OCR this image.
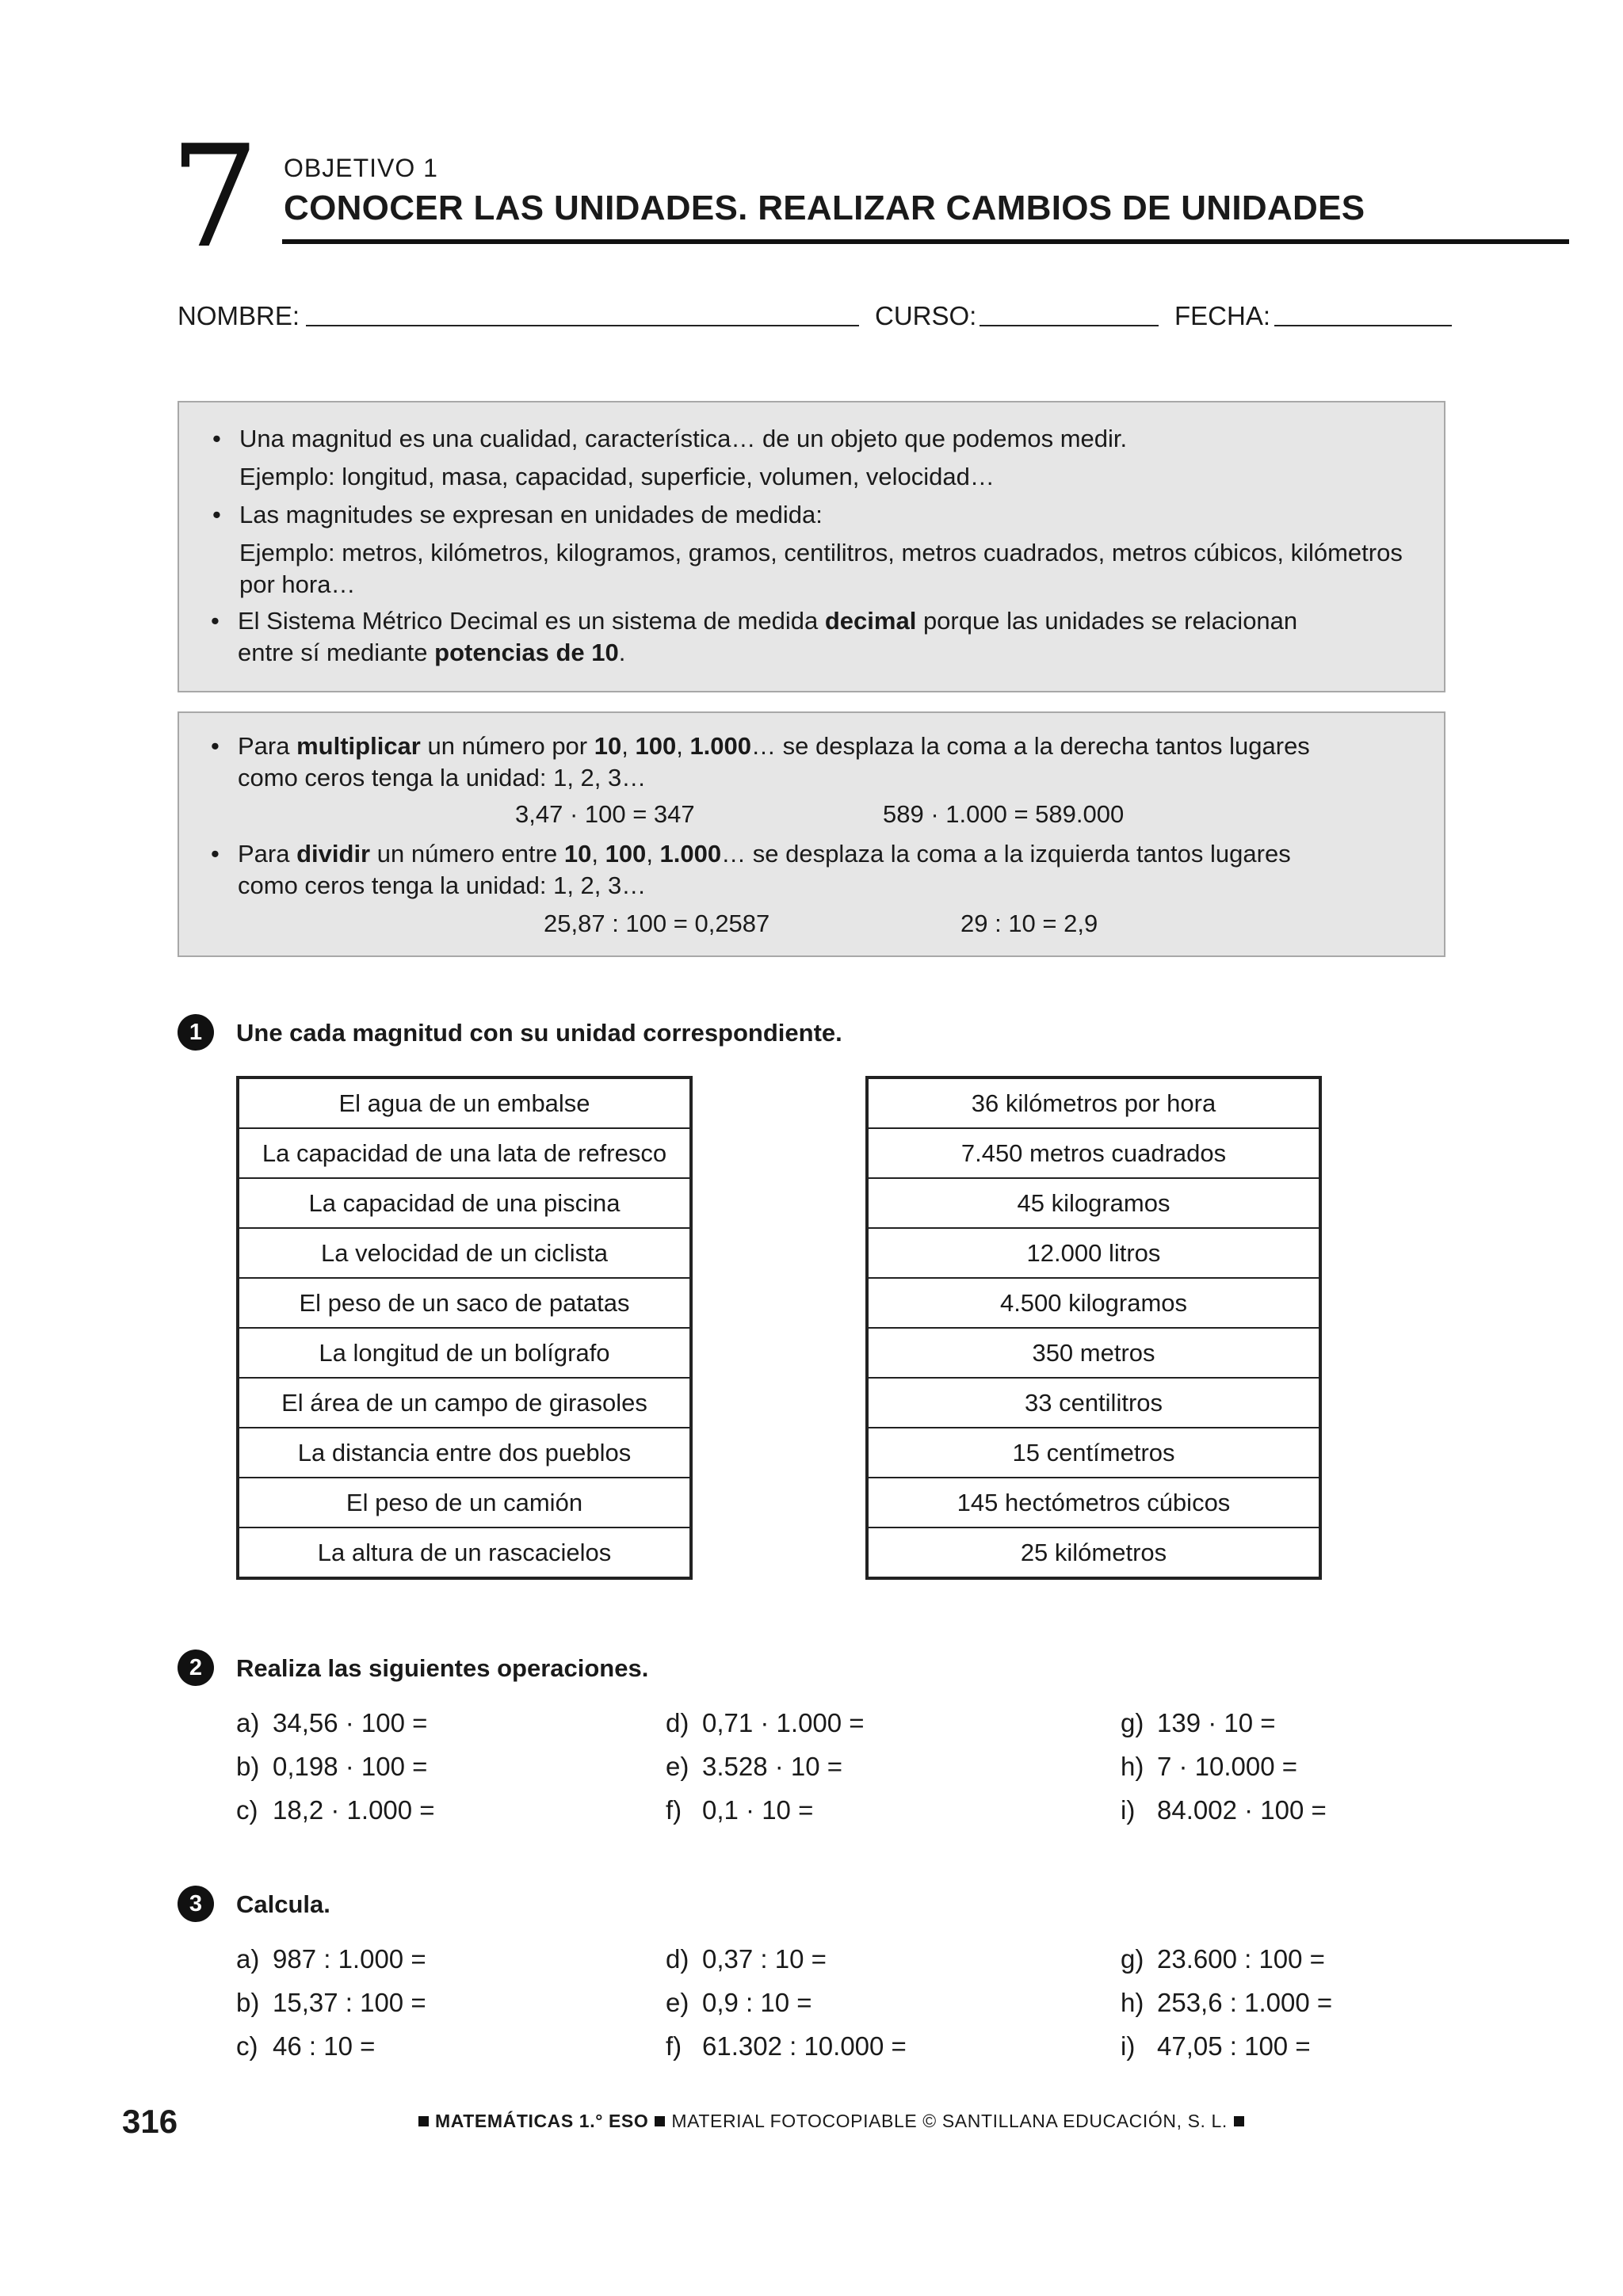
7 OBJETIVO 1
CONOCER LAS UNIDADES. REALIZAR CAMBIOS DE UNIDADES
NOMBRE:	CURSO:	FECHA:

• Una magnitud es una cualidad, característica… de un objeto que podemos medir.

Ejemplo: longitud, masa, capacidad, superficie, volumen, velocidad…

• Las magnitudes se expresan en unidades de medida:

Ejemplo: metros, kilómetros, kilogramos, gramos, centilitros, metros cuadrados, metros cúbicos, kilómetros

por hora…

• El Sistema Métrico Decimal es un sistema de medida decimal porque las unidades se relacionan

entre sí mediante potencias de 10.

• Para multiplicar un número por 10, 100, 1.000… se desplaza la coma a la derecha tantos lugares

como ceros tenga la unidad: 1, 2, 3…

3,47 · 100 = 347	589 · 1.000 = 589.000

• Para dividir un número entre 10, 100, 1.000… se desplaza la coma a la izquierda tantos lugares

como ceros tenga la unidad: 1, 2, 3…

25,87 : 100 = 0,2587	29 : 10 = 2,9

1	Une cada magnitud con su unidad correspondiente.
El agua de un embalse
La capacidad de una lata de refresco
La capacidad de una piscina
La velocidad de un ciclista
El peso de un saco de patatas
La longitud de un bolígrafo
El área de un campo de girasoles
La distancia entre dos pueblos
El peso de un camión
La altura de un rascacielos
36 kilómetros por hora
7.450 metros cuadrados
45 kilogramos
12.000 litros
4.500 kilogramos
350 metros
33 centilitros
15 centímetros
145 hectómetros cúbicos
25 kilómetros
2	Realiza las siguientes operaciones.
a) 34,56 · 100 =
b) 0,198 · 100 =
c) 18,2 · 1.000 =
d) 0,71 · 1.000 =
e) 3.528 · 10 =
f) 0,1 · 10 =
g) 139 · 10 =
h) 7 · 10.000 =
i) 84.002 · 100 =
3	Calcula.
a) 987 : 1.000 =
b) 15,37 : 100 =
c) 46 : 10 =
d) 0,37 : 10 =
e) 0,9 : 10 =
f) 61.302 : 10.000 =
g) 23.600 : 100 =
h) 253,6 : 1.000 =
i) 47,05 : 100 =
316	MATEMÁTICAS 1.° ESO MATERIAL FOTOCOPIABLE © SANTILLANA EDUCACIÓN, S. L.
